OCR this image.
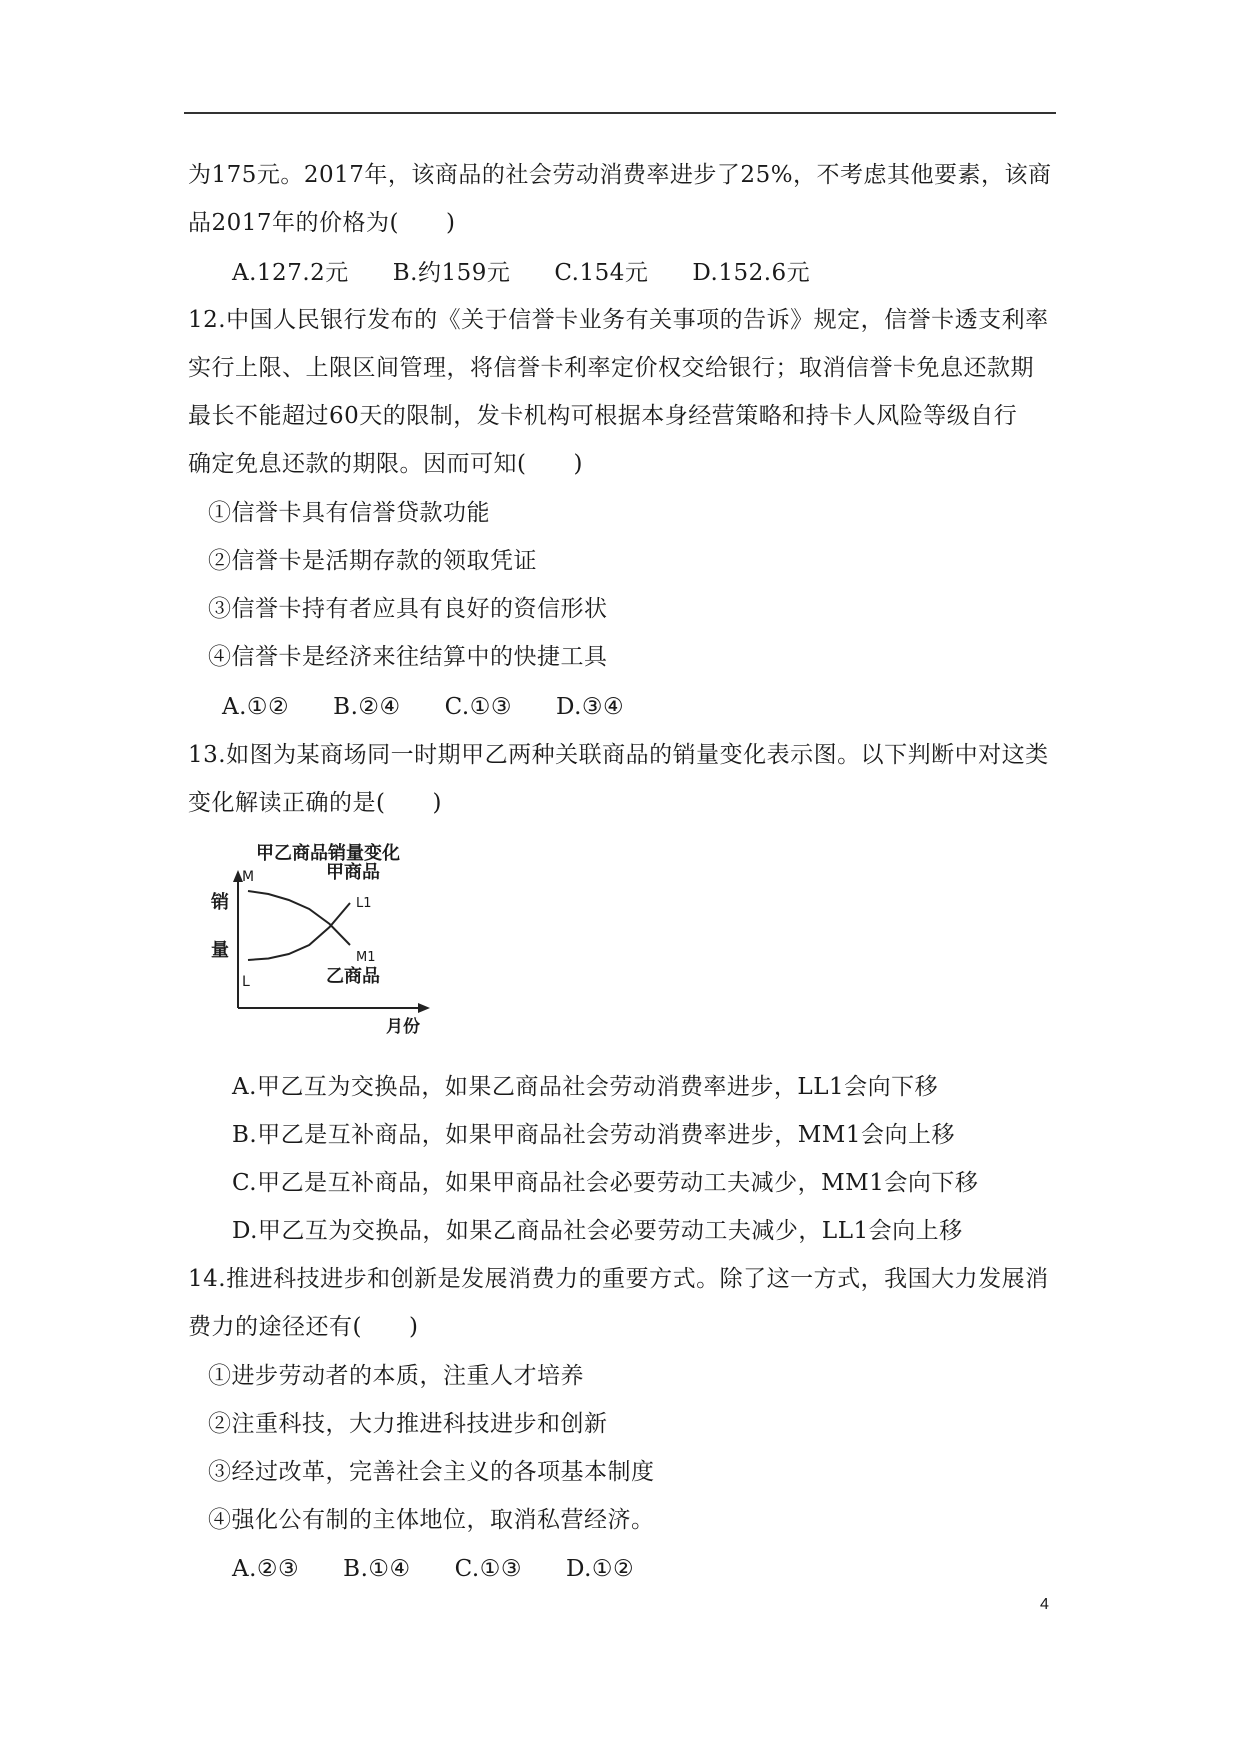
为175元。2017年，该商品的社会劳动消费率进步了25%，不考虑其他要素，该商
品2017年的价格为(　　)
A.127.2元 B.约159元 C.154元 D.152.6元
12.中国人民银行发布的《关于信誉卡业务有关事项的告诉》规定，信誉卡透支利率
实行上限、上限区间管理，将信誉卡利率定价权交给银行；取消信誉卡免息还款期
最长不能超过60天的限制，发卡机构可根据本身经营策略和持卡人风险等级自行
确定免息还款的期限。因而可知(　　)
①信誉卡具有信誉贷款功能
②信誉卡是活期存款的领取凭证
③信誉卡持有者应具有良好的资信形状
④信誉卡是经济来往结算中的快捷工具
A.①② B.②④ C.①③ D.③④
13.如图为某商场同一时期甲乙两种关联商品的销量变化表示图。以下判断中对这类
变化解读正确的是(　　)
甲乙商品销量变化
销
量
月份
M
M1
甲商品
L
L1
乙商品
A.甲乙互为交换品，如果乙商品社会劳动消费率进步，LL1会向下移
B.甲乙是互补商品，如果甲商品社会劳动消费率进步，MM1会向上移
C.甲乙是互补商品，如果甲商品社会必要劳动工夫减少，MM1会向下移
D.甲乙互为交换品，如果乙商品社会必要劳动工夫减少，LL1会向上移
14.推进科技进步和创新是发展消费力的重要方式。除了这一方式，我国大力发展消
费力的途径还有(　　)
①进步劳动者的本质，注重人才培养
②注重科技，大力推进科技进步和创新
③经过改革，完善社会主义的各项基本制度
④强化公有制的主体地位，取消私营经济。
A.②③ B.①④ C.①③ D.①②
4
